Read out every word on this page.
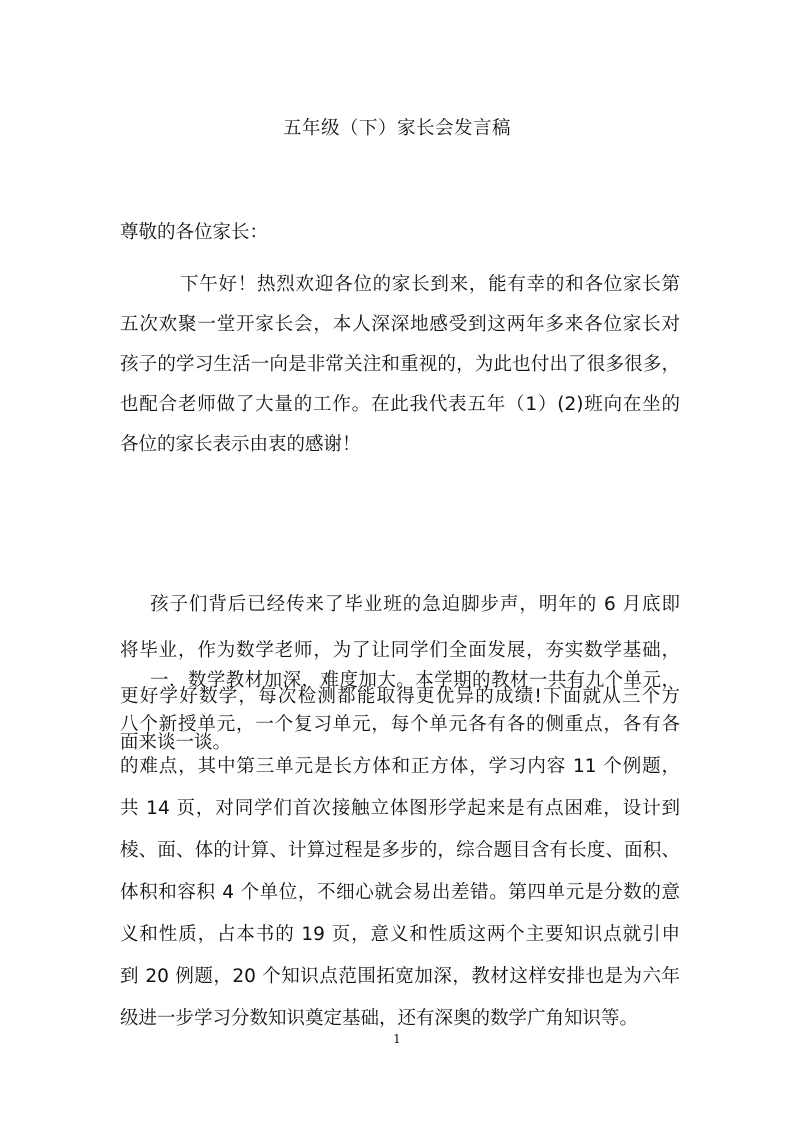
五年级（下）家长会发言稿
尊敬的各位家长：
下午好！热烈欢迎各位的家长到来，能有幸的和各位家长第
五次欢聚一堂开家长会，本人深深地感受到这两年多来各位家长对
孩子的学习生活一向是非常关注和重视的，为此也付出了很多很多，
也配合老师做了大量的工作。在此我代表五年（1）(2)班向在坐的
各位的家长表示由衷的感谢！
孩子们背后已经传来了毕业班的急迫脚步声，明年的 6 月底即
将毕业，作为数学老师，为了让同学们全面发展，夯实数学基础，
更好学好数学，每次检测都能取得更优异的成绩!下面就从三个方
面来谈一谈。
一．数学教材加深，难度加大。本学期的教材一共有九个单元，
八个新授单元，一个复习单元，每个单元各有各的侧重点，各有各
的难点，其中第三单元是长方体和正方体，学习内容 11 个例题，
共 14 页，对同学们首次接触立体图形学起来是有点困难，设计到
棱、面、体的计算、计算过程是多步的，综合题目含有长度、面积、
体积和容积 4 个单位，不细心就会易出差错。第四单元是分数的意
义和性质，占本书的 19 页，意义和性质这两个主要知识点就引申
到 20 例题，20 个知识点范围拓宽加深，教材这样安排也是为六年
级进一步学习分数知识奠定基础，还有深奥的数学广角知识等。
1
